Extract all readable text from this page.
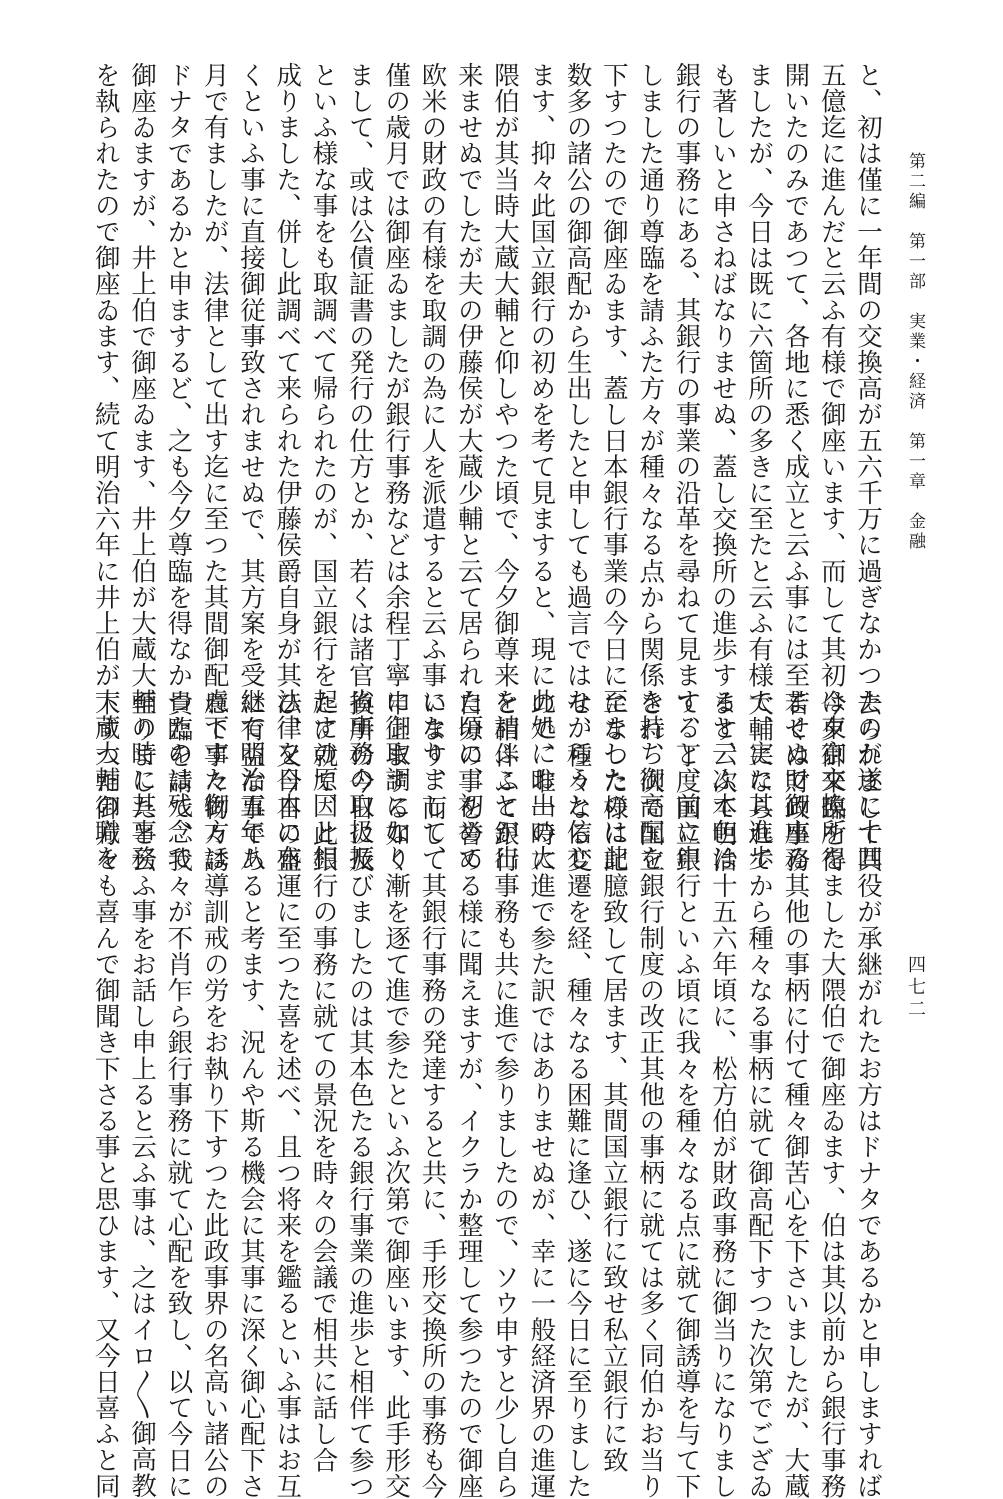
第二編　第一部　実業・経済　第一章　金融
四七二
と、初は僅に一年間の交換高が五六千万に過ぎなかつたのが遂に十四
五億迄に進んだと云ふ有様で御座います、而して其初は東京交換所を
開いたのみであつて、各地に悉く成立と云ふ事には至ませぬで御座ゐ
ましたが、今日は既に六箇所の多きに至たと云ふ有様で、実に其進歩
も著しいと申さねばなりませぬ、蓋し交換所の進歩すると云ふ本色は
銀行の事務にある、其銀行の事業の沿革を尋ねて見ますると、前に申
しました通り尊臨を請ふた方々が種々なる点から関係を持ち御高配を
下すつたので御座ゐます、蓋し日本銀行事業の今日に至ましたのは此
数多の諸公の御高配から生出したと申しても過言ではなからうと信じ
ます、抑々此国立銀行の初めを考て見ますると、現に此処にお出の大
隈伯が其当時大蔵大輔と仰しやつた頃で、今夕御尊来を請ふことが出
来ませぬでしたが夫の伊藤侯が大蔵少輔と云て居られた頃に、初めて
欧米の財政の有様を取調の為に人を派遣すると云ふ事になりまして、
僅の歳月では御座ゐましたが銀行事務などは余程丁寧に御取調になり
まして、或は公債証書の発行の仕方とか、若くは諸官省事務の取扱振
といふ様な事をも取調べて帰られたのが、国立銀行を起すの原因と相
成りました、併し此調べて来られた伊藤侯爵自身が其法律を日本に布
くといふ事に直接御従事致されませぬで、其方案を受継で明治五年八
月で有ましたが、法律として出す迄に至つた其間御配慮下すた御方は
ドナタであるかと申まするど、之も今夕尊臨を得なかつたのは残念で
御座ゐますが、井上伯で御座ゐます、井上伯が大蔵大輔の時に其事務
を執られたので御座ゐます、続て明治六年に井上伯が大蔵大輔の職を
去られまして其役が承継がれたお方はドナタであるかと申しますれば
今夕御来臨を得ました大隈伯で御座ゐます、伯は其以前から銀行事務
若くは財政事務其他の事柄に付て種々御苦心を下さいましたが、大蔵
大輔になられてから種々なる事柄に就て御高配下すつた次第でござゐ
ます、次て明治十五六年頃に、松方伯が財政事務に御当りになりまし
て、丁度国立銀行といふ頃に我々を種々なる点に就て御誘導を与て下
され、次で国立銀行制度の改正其他の事柄に就ては多く同伯かお当り
になつた様に記臆致して居ます、其間国立銀行に致せ私立銀行に致
せ、種々なる変遷を経、種々なる困難に逢ひ、遂に今日に至りました
ので、唯一時に進で参た訳ではありませぬが、幸に一般経済界の進運
と相伴ふて銀行事務も共に進で参りましたので、ソウ申すと少し自ら
自分の事を誉める様に聞えますが、イクラか整理して参つたので御座
います、而して其銀行事務の発達すると共に、手形交換所の事務も今
申上まする如く漸を逐て進で参たといふ次第で御座います、此手形交
換所の今日に及びましたのは其本色たる銀行事業の進歩と相伴て参つ
たに就て、此銀行の事務に就ての景況を時々の会議で相共に話し合
ひ、又今日の盛運に至つた喜を述べ、且つ将来を鑑るといふ事はお互
に有益な事であると考ます、況んや斯る機会に其事に深く御心配下さ
れて事々物々誘導訓戒の労をお執り下すつた此政事界の名高い諸公の
貴臨を請て、我々が不肖乍ら銀行事務に就て心配を致し、以て今日に
至りましたと云ふ事をお話し申上ると云ふ事は、之はイロ〳〵御高教
下すつた御方々も喜んで御聞き下さる事と思ひます、又今日喜ふと同
